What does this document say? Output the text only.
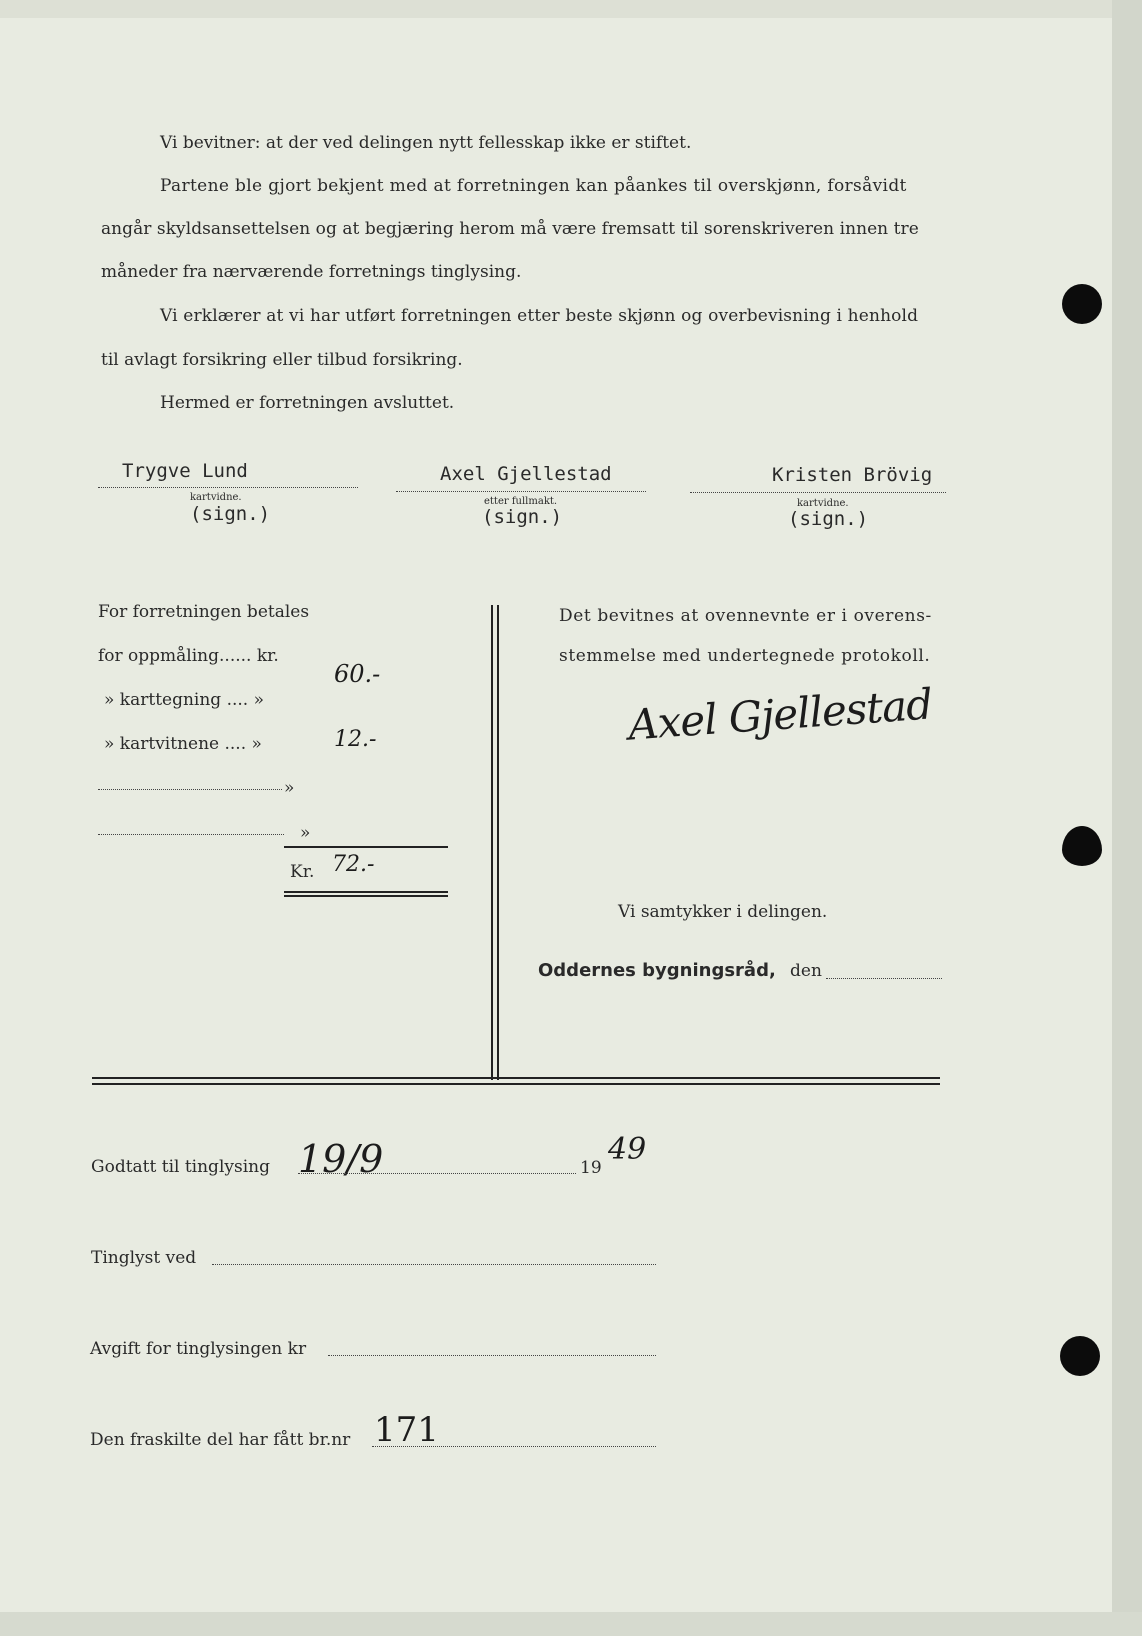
Vi bevitner: at der ved delingen nytt fellesskap ikke er stiftet.
Partene ble gjort bekjent med at forretningen kan påankes til overskjønn, forsåvidt
angår skyldsansettelsen og at begjæring herom må være fremsatt til sorenskriveren innen tre
måneder fra nærværende forretnings tinglysing.
Vi erklærer at vi har utført forretningen etter beste skjønn og overbevisning i henhold
til avlagt forsikring eller tilbud forsikring.
Hermed er forretningen avsluttet.
Trygve Lund
kartvidne.
(sign.)
Axel Gjellestad
etter fullmakt.
(sign.)
Kristen Brövig
kartvidne.
(sign.)
For forretningen betales
for oppmåling...... kr.
60.-
» karttegning .... »
» kartvitnene .... »	12.-
»
»
Kr. 72.-
Det bevitnes at ovennevnte er i overens-
stemmelse med undertegnede protokoll.
Axel Gjellestad
Vi samtykker i delingen.
Oddernes bygningsråd, den
Godtatt til tinglysing 19/9	19
49
Tinglyst ved
Avgift for tinglysingen kr
Den fraskilte del har fått br.nr 171
